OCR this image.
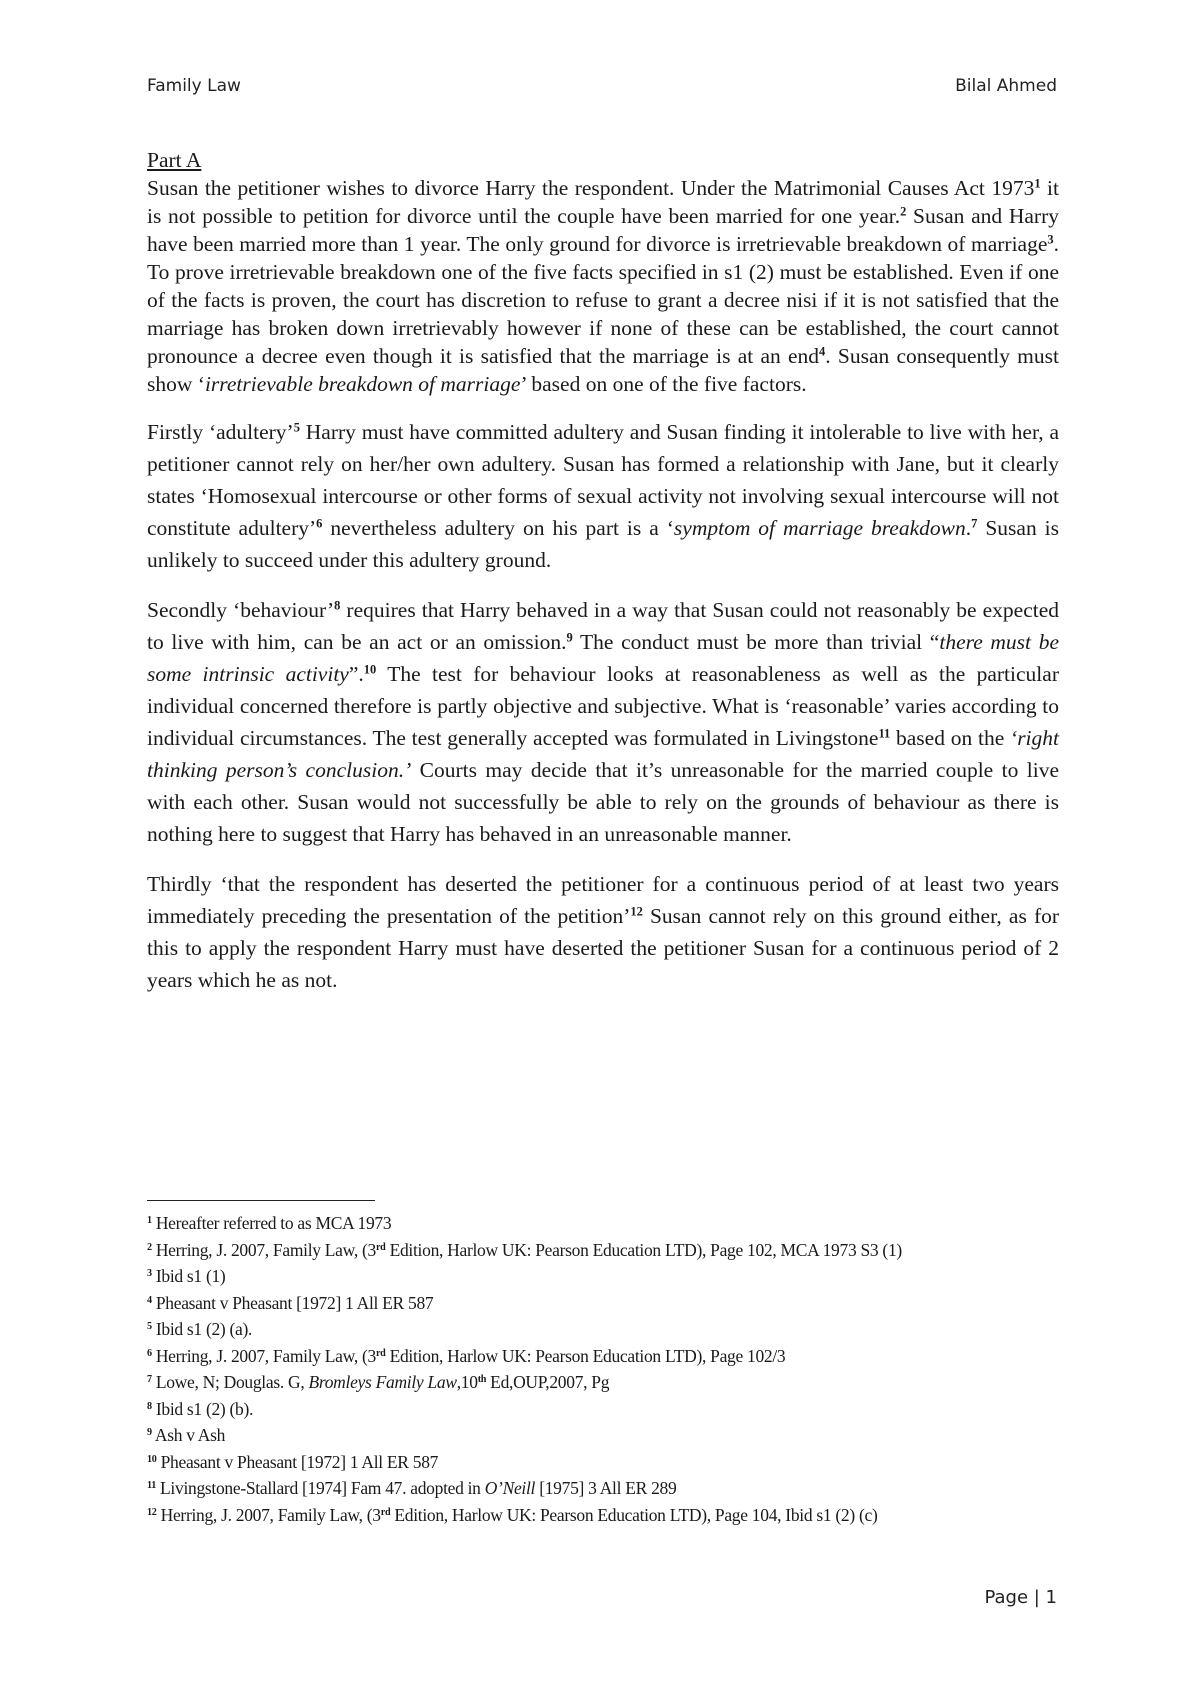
Family Law	Bilal Ahmed
Part A

Susan the petitioner wishes to divorce Harry the respondent. Under the Matrimonial Causes Act 1973$^1$ it is not possible to petition for divorce until the couple have been married for one year.$^2$ Susan and Harry have been married more than 1 year. The only ground for divorce is irretrievable breakdown of marriage$^3$. To prove irretrievable breakdown one of the five facts specified in s1 (2) must be established. Even if one of the facts is proven, the court has discretion to refuse to grant a decree nisi if it is not satisfied that the marriage has broken down irretrievably however if none of these can be established, the court cannot pronounce a decree even though it is satisfied that the marriage is at an end$^4$. Susan consequently must show ‘irretrievable breakdown of marriage’ based on one of the five factors.

Firstly ‘adultery’$^5$ Harry must have committed adultery and Susan finding it intolerable to live with her, a petitioner cannot rely on her/her own adultery. Susan has formed a relationship with Jane, but it clearly states ‘Homosexual intercourse or other forms of sexual activity not involving sexual intercourse will not constitute adultery’$^6$ nevertheless adultery on his part is a ‘symptom of marriage breakdown.$^7$ Susan is unlikely to succeed under this adultery ground.

Secondly ‘behaviour’$^8$ requires that Harry behaved in a way that Susan could not reasonably be expected to live with him, can be an act or an omission.$^9$ The conduct must be more than trivial “there must be some intrinsic activity”.$^{10}$ The test for behaviour looks at reasonableness as well as the particular individual concerned therefore is partly objective and subjective. What is ‘reasonable’ varies according to individual circumstances. The test generally accepted was formulated in Livingstone$^{11}$ based on the ‘right thinking person’s conclusion.’ Courts may decide that it’s unreasonable for the married couple to live with each other. Susan would not successfully be able to rely on the grounds of behaviour as there is nothing here to suggest that Harry has behaved in an unreasonable manner.

Thirdly ‘that the respondent has deserted the petitioner for a continuous period of at least two years immediately preceding the presentation of the petition’$^{12}$ Susan cannot rely on this ground either, as for this to apply the respondent Harry must have deserted the petitioner Susan for a continuous period of 2 years which he as not.

$^1$ Hereafter referred to as MCA 1973
$^2$ Herring, J. 2007, Family Law, (3rd Edition, Harlow UK: Pearson Education LTD), Page 102, MCA 1973 S3 (1)
$^3$ Ibid s1 (1)
$^4$ Pheasant v Pheasant [1972] 1 All ER 587
$^5$ Ibid s1 (2) (a).
$^6$ Herring, J. 2007, Family Law, (3rd Edition, Harlow UK: Pearson Education LTD), Page 102/3
$^7$ Lowe, N; Douglas. G, Bromleys Family Law,10th Ed,OUP,2007, Pg
$^8$ Ibid s1 (2) (b).
$^9$ Ash v Ash
$^{10}$ Pheasant v Pheasant [1972] 1 All ER 587
$^{11}$ Livingstone-Stallard [1974] Fam 47. adopted in O’Neill [1975] 3 All ER 289
$^{12}$ Herring, J. 2007, Family Law, (3rd Edition, Harlow UK: Pearson Education LTD), Page 104, Ibid s1 (2) (c)
Page | 1
